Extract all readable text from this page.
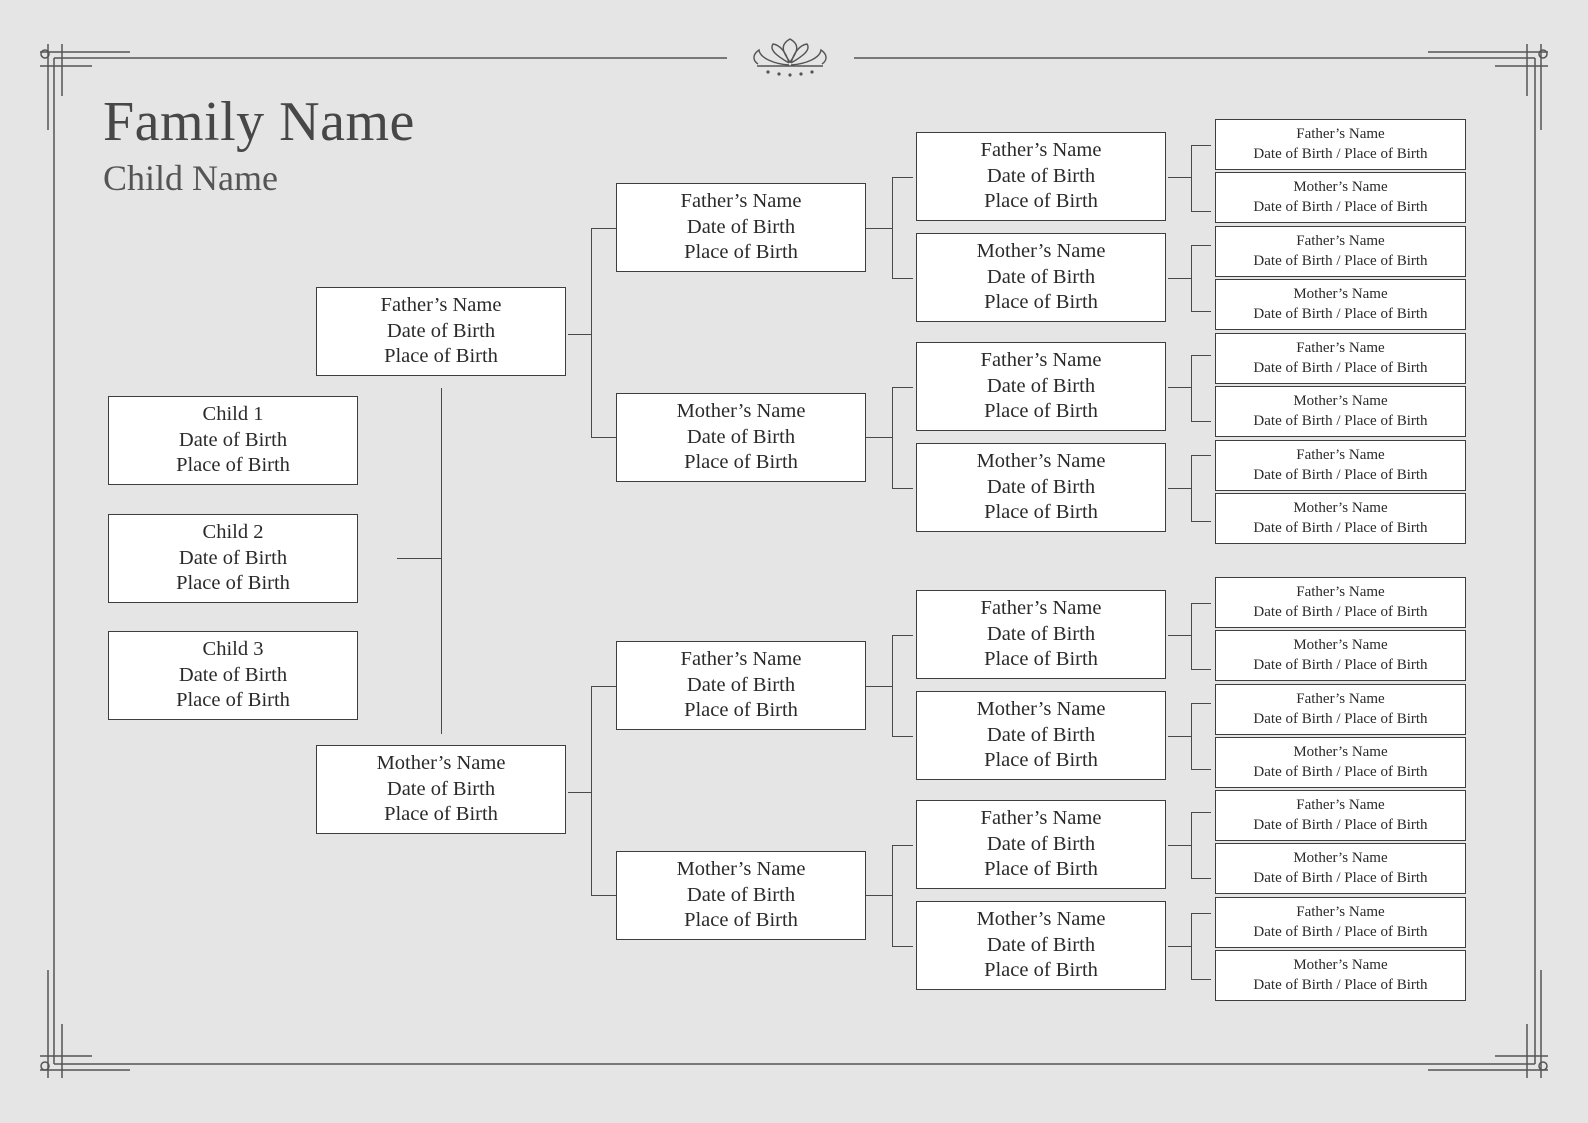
Family Name
Child Name
Child 1
Date of Birth
Place of Birth
Child 2
Date of Birth
Place of Birth
Child 3
Date of Birth
Place of Birth
Father’s Name
Date of Birth
Place of Birth
Mother’s Name
Date of Birth
Place of Birth
Father’s Name
Date of Birth
Place of Birth
Mother’s Name
Date of Birth
Place of Birth
Father’s Name
Date of Birth
Place of Birth
Mother’s Name
Date of Birth
Place of Birth
Father’s Name
Date of Birth
Place of Birth
Mother’s Name
Date of Birth
Place of Birth
Father’s Name
Date of Birth
Place of Birth
Mother’s Name
Date of Birth
Place of Birth
Father’s Name
Date of Birth
Place of Birth
Mother’s Name
Date of Birth
Place of Birth
Father’s Name
Date of Birth
Place of Birth
Mother’s Name
Date of Birth
Place of Birth
Father’s Name
Date of Birth / Place of Birth
Mother’s Name
Date of Birth / Place of Birth
Father’s Name
Date of Birth / Place of Birth
Mother’s Name
Date of Birth / Place of Birth
Father’s Name
Date of Birth / Place of Birth
Mother’s Name
Date of Birth / Place of Birth
Father’s Name
Date of Birth / Place of Birth
Mother’s Name
Date of Birth / Place of Birth
Father’s Name
Date of Birth / Place of Birth
Mother’s Name
Date of Birth / Place of Birth
Father’s Name
Date of Birth / Place of Birth
Mother’s Name
Date of Birth / Place of Birth
Father’s Name
Date of Birth / Place of Birth
Mother’s Name
Date of Birth / Place of Birth
Father’s Name
Date of Birth / Place of Birth
Mother’s Name
Date of Birth / Place of Birth
